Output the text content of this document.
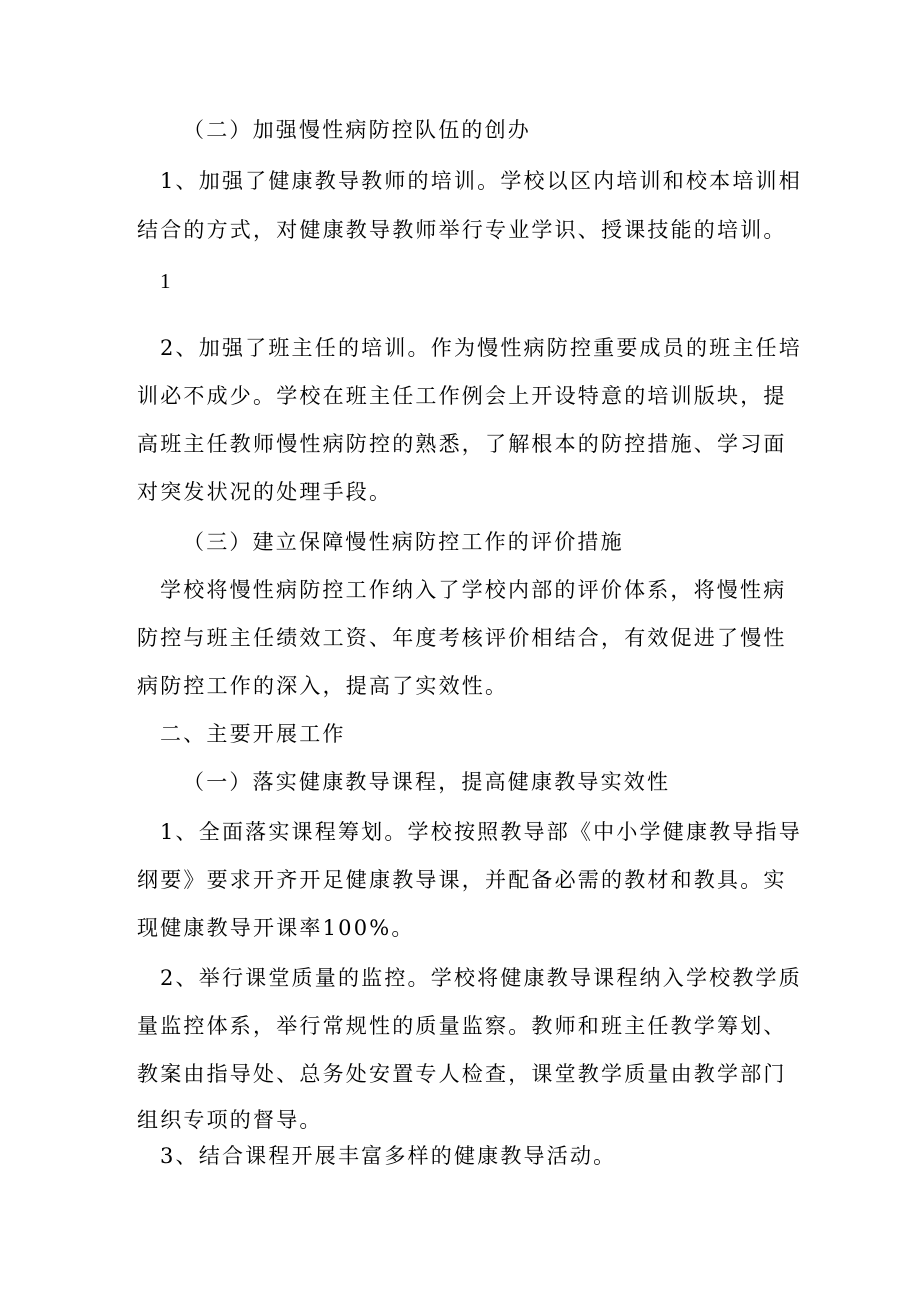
（二）加强慢性病防控队伍的创办
1、加强了健康教导教师的培训。学校以区内培训和校本培训相
结合的方式，对健康教导教师举行专业学识、授课技能的培训。
1
2、加强了班主任的培训。作为慢性病防控重要成员的班主任培
训必不成少。学校在班主任工作例会上开设特意的培训版块，提
高班主任教师慢性病防控的熟悉，了解根本的防控措施、学习面
对突发状况的处理手段。
（三）建立保障慢性病防控工作的评价措施
学校将慢性病防控工作纳入了学校内部的评价体系，将慢性病
防控与班主任绩效工资、年度考核评价相结合，有效促进了慢性
病防控工作的深入，提高了实效性。
二、主要开展工作
（一）落实健康教导课程，提高健康教导实效性
1、全面落实课程筹划。学校按照教导部《中小学健康教导指导
纲要》要求开齐开足健康教导课，并配备必需的教材和教具。实
现健康教导开课率100%。
2、举行课堂质量的监控。学校将健康教导课程纳入学校教学质
量监控体系，举行常规性的质量监察。教师和班主任教学筹划、
教案由指导处、总务处安置专人检查，课堂教学质量由教学部门
组织专项的督导。
3、结合课程开展丰富多样的健康教导活动。
